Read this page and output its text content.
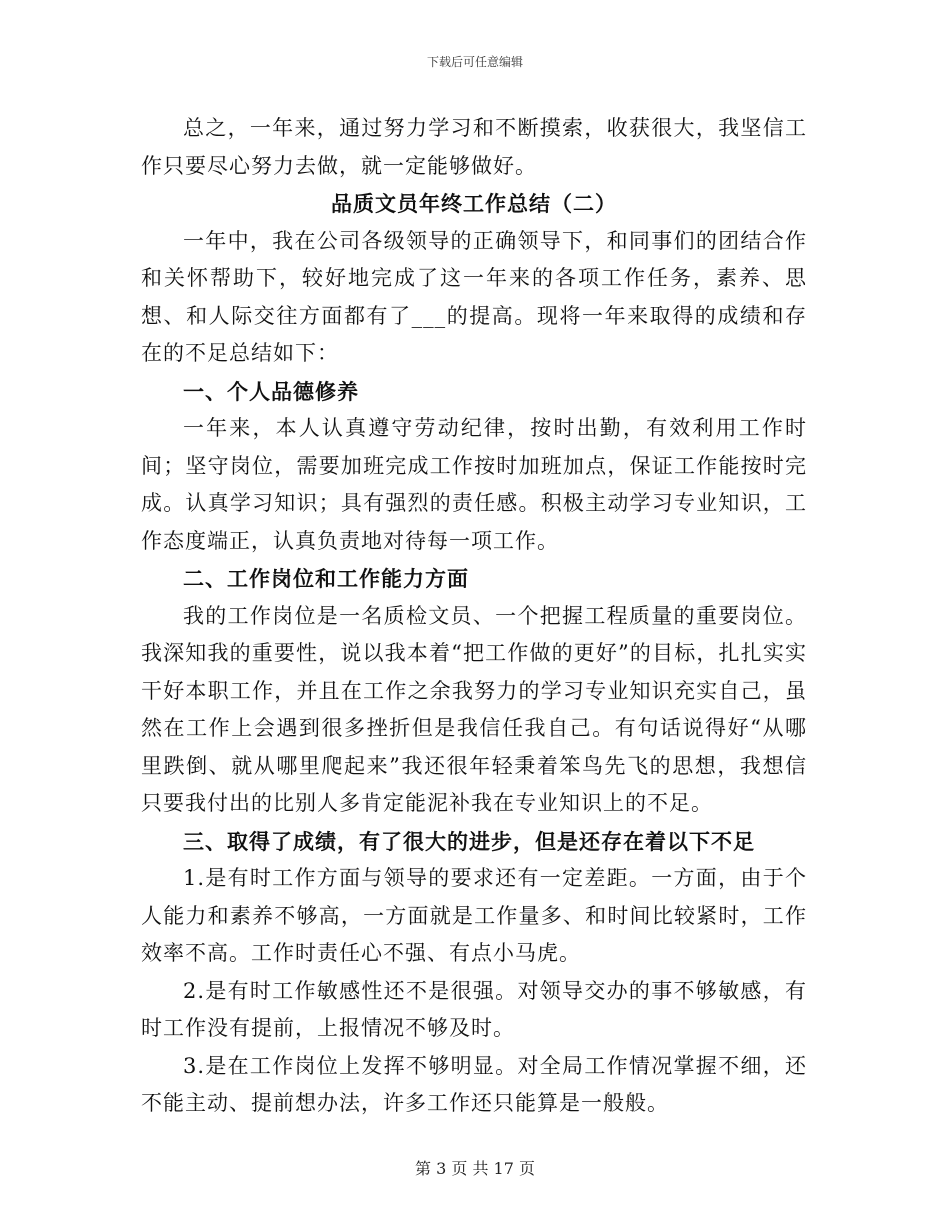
下载后可任意编辑

总之，一年来，通过努力学习和不断摸索，收获很大，我坚信工作只要尽心努力去做，就一定能够做好。

品质文员年终工作总结（二）

一年中，我在公司各级领导的正确领导下，和同事们的团结合作和关怀帮助下，较好地完成了这一年来的各项工作任务，素养、思想、和人际交往方面都有了___的提高。现将一年来取得的成绩和存在的不足总结如下：

一、个人品德修养

一年来，本人认真遵守劳动纪律，按时出勤，有效利用工作时间；坚守岗位，需要加班完成工作按时加班加点，保证工作能按时完成。认真学习知识；具有强烈的责任感。积极主动学习专业知识，工作态度端正，认真负责地对待每一项工作。

二、工作岗位和工作能力方面

我的工作岗位是一名质检文员、一个把握工程质量的重要岗位。我深知我的重要性，说以我本着“把工作做的更好”的目标，扎扎实实干好本职工作，并且在工作之余我努力的学习专业知识充实自己，虽然在工作上会遇到很多挫折但是我信任我自己。有句话说得好“从哪里跌倒、就从哪里爬起来”我还很年轻秉着笨鸟先飞的思想，我想信只要我付出的比别人多肯定能泥补我在专业知识上的不足。

三、取得了成绩，有了很大的进步，但是还存在着以下不足

1.是有时工作方面与领导的要求还有一定差距。一方面，由于个人能力和素养不够高，一方面就是工作量多、和时间比较紧时，工作效率不高。工作时责任心不强、有点小马虎。

2.是有时工作敏感性还不是很强。对领导交办的事不够敏感，有时工作没有提前，上报情况不够及时。

3.是在工作岗位上发挥不够明显。对全局工作情况掌握不细，还不能主动、提前想办法，许多工作还只能算是一般般。

第 3 页 共 17 页
